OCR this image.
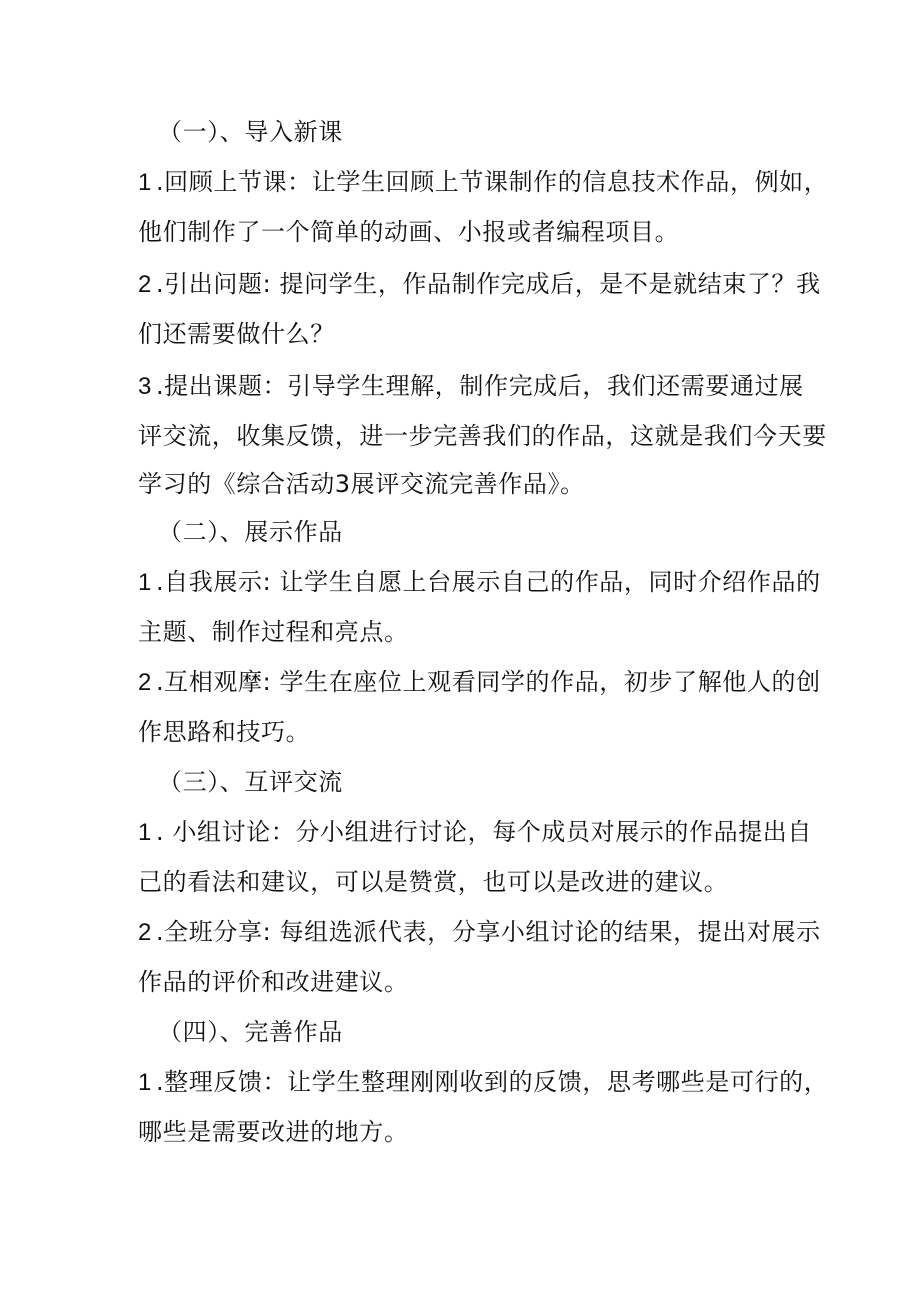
（一）、导入新课
1 .回顾上节课：让学生回顾上节课制作的信息技术作品，例如，
他们制作了一个简单的动画、小报或者编程项目。
2 .引出问题: 提问学生，作品制作完成后，是不是就结束了？我
们还需要做什么？
3 .提出课题：引导学生理解，制作完成后，我们还需要通过展
评交流，收集反馈，进一步完善我们的作品，这就是我们今天要
学习的《综合活动3展评交流完善作品》。
（二）、展示作品
1 .自我展示: 让学生自愿上台展示自己的作品，同时介绍作品的
主题、制作过程和亮点。
2 .互相观摩: 学生在座位上观看同学的作品，初步了解他人的创
作思路和技巧。
（三）、互评交流
1 . 小组讨论：分小组进行讨论，每个成员对展示的作品提出自
己的看法和建议，可以是赞赏，也可以是改进的建议。
2 .全班分享: 每组选派代表，分享小组讨论的结果，提出对展示
作品的评价和改进建议。
（四）、完善作品
1 .整理反馈：让学生整理刚刚收到的反馈，思考哪些是可行的，
哪些是需要改进的地方。
